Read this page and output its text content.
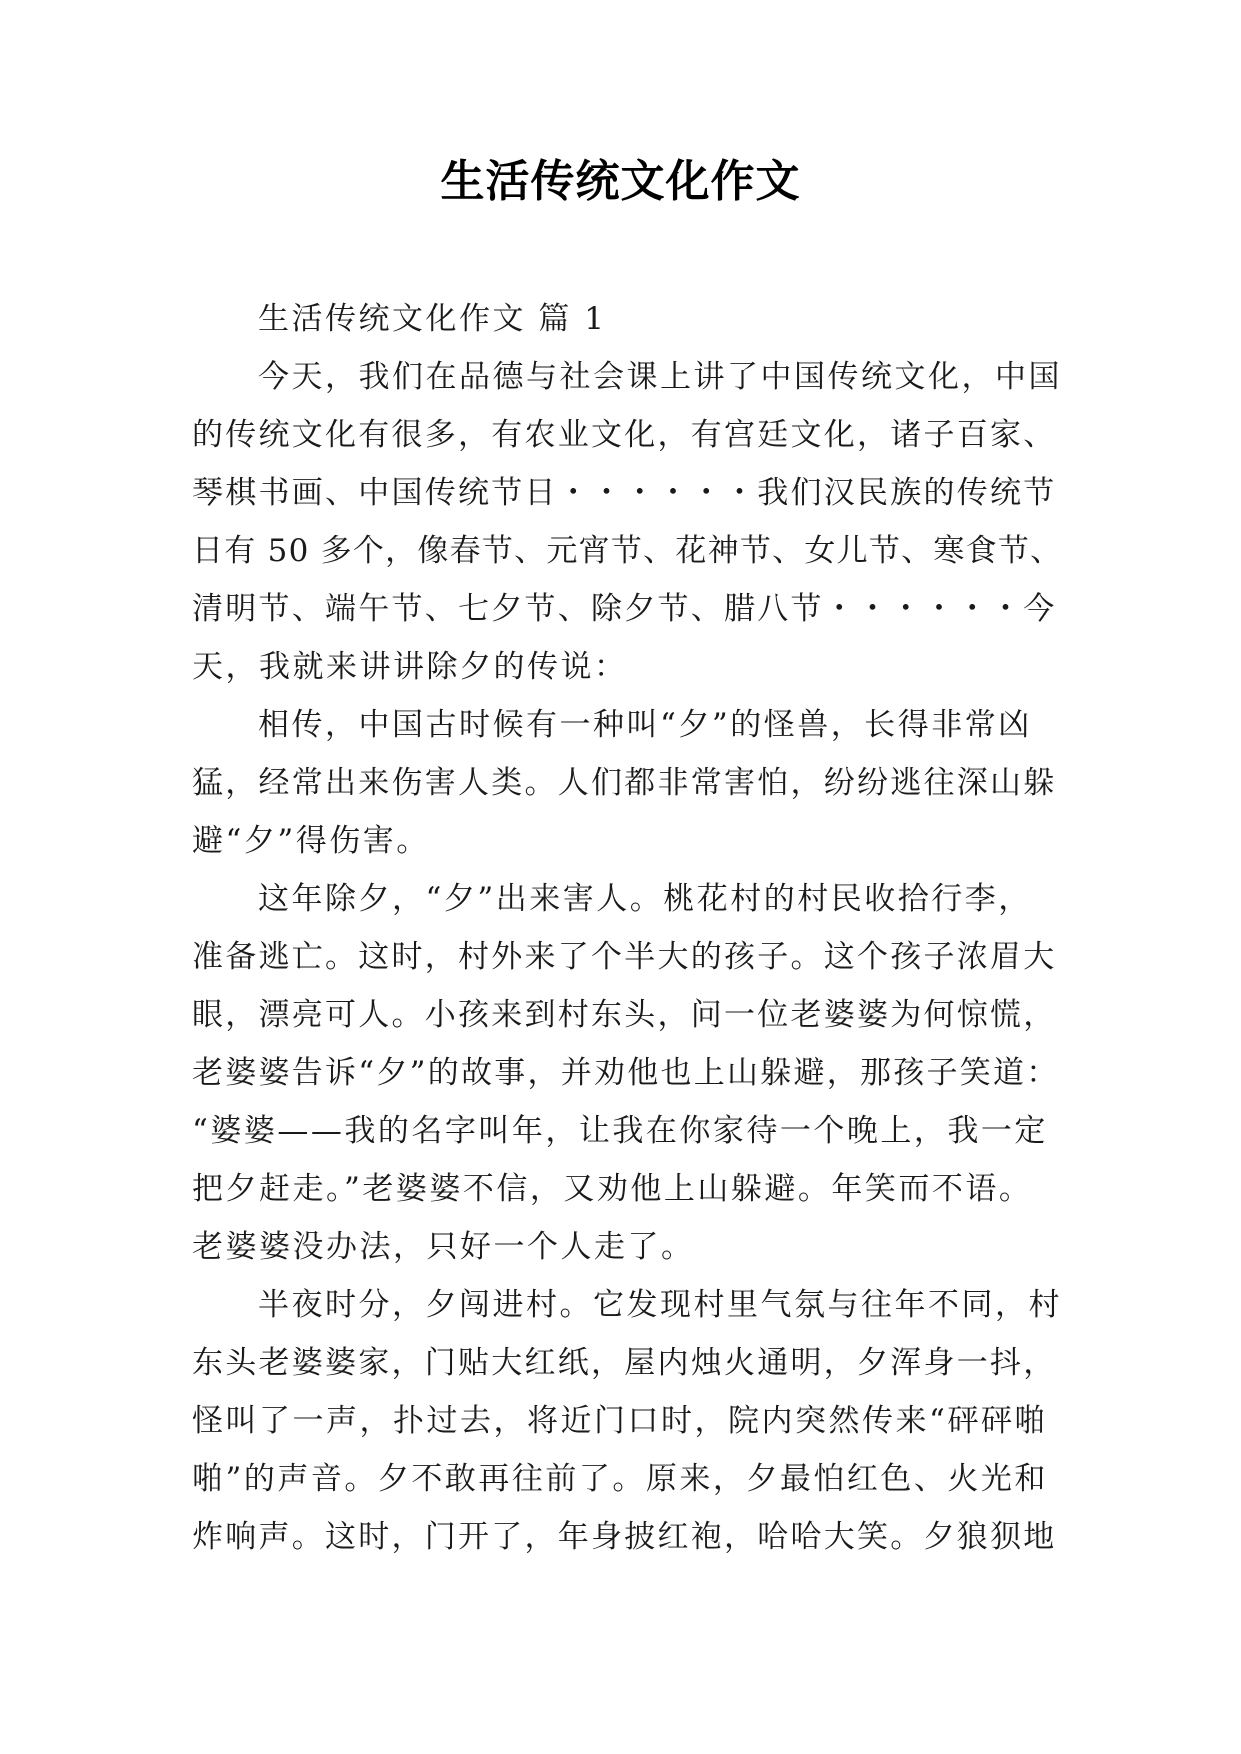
生活传统文化作文

生活传统文化作文 篇 1

今天，我们在品德与社会课上讲了中国传统文化，中国
的传统文化有很多，有农业文化，有宫廷文化，诸子百家、
琴棋书画、中国传统节日・・・・・・我们汉民族的传统节
日有 50 多个，像春节、元宵节、花神节、女儿节、寒食节、
清明节、端午节、七夕节、除夕节、腊八节・・・・・・今
天，我就来讲讲除夕的传说：

相传，中国古时候有一种叫“夕”的怪兽，长得非常凶
猛，经常出来伤害人类。人们都非常害怕，纷纷逃往深山躲
避“夕”得伤害。

这年除夕，“夕”出来害人。桃花村的村民收拾行李，
准备逃亡。这时，村外来了个半大的孩子。这个孩子浓眉大
眼，漂亮可人。小孩来到村东头，问一位老婆婆为何惊慌，
老婆婆告诉“夕”的故事，并劝他也上山躲避，那孩子笑道：
“婆婆——我的名字叫年，让我在你家待一个晚上，我一定
把夕赶走。”老婆婆不信，又劝他上山躲避。年笑而不语。
老婆婆没办法，只好一个人走了。

半夜时分，夕闯进村。它发现村里气氛与往年不同，村
东头老婆婆家，门贴大红纸，屋内烛火通明，夕浑身一抖，
怪叫了一声，扑过去，将近门口时，院内突然传来“砰砰啪
啪”的声音。夕不敢再往前了。原来，夕最怕红色、火光和
炸响声。这时，门开了，年身披红袍，哈哈大笑。夕狼狈地
